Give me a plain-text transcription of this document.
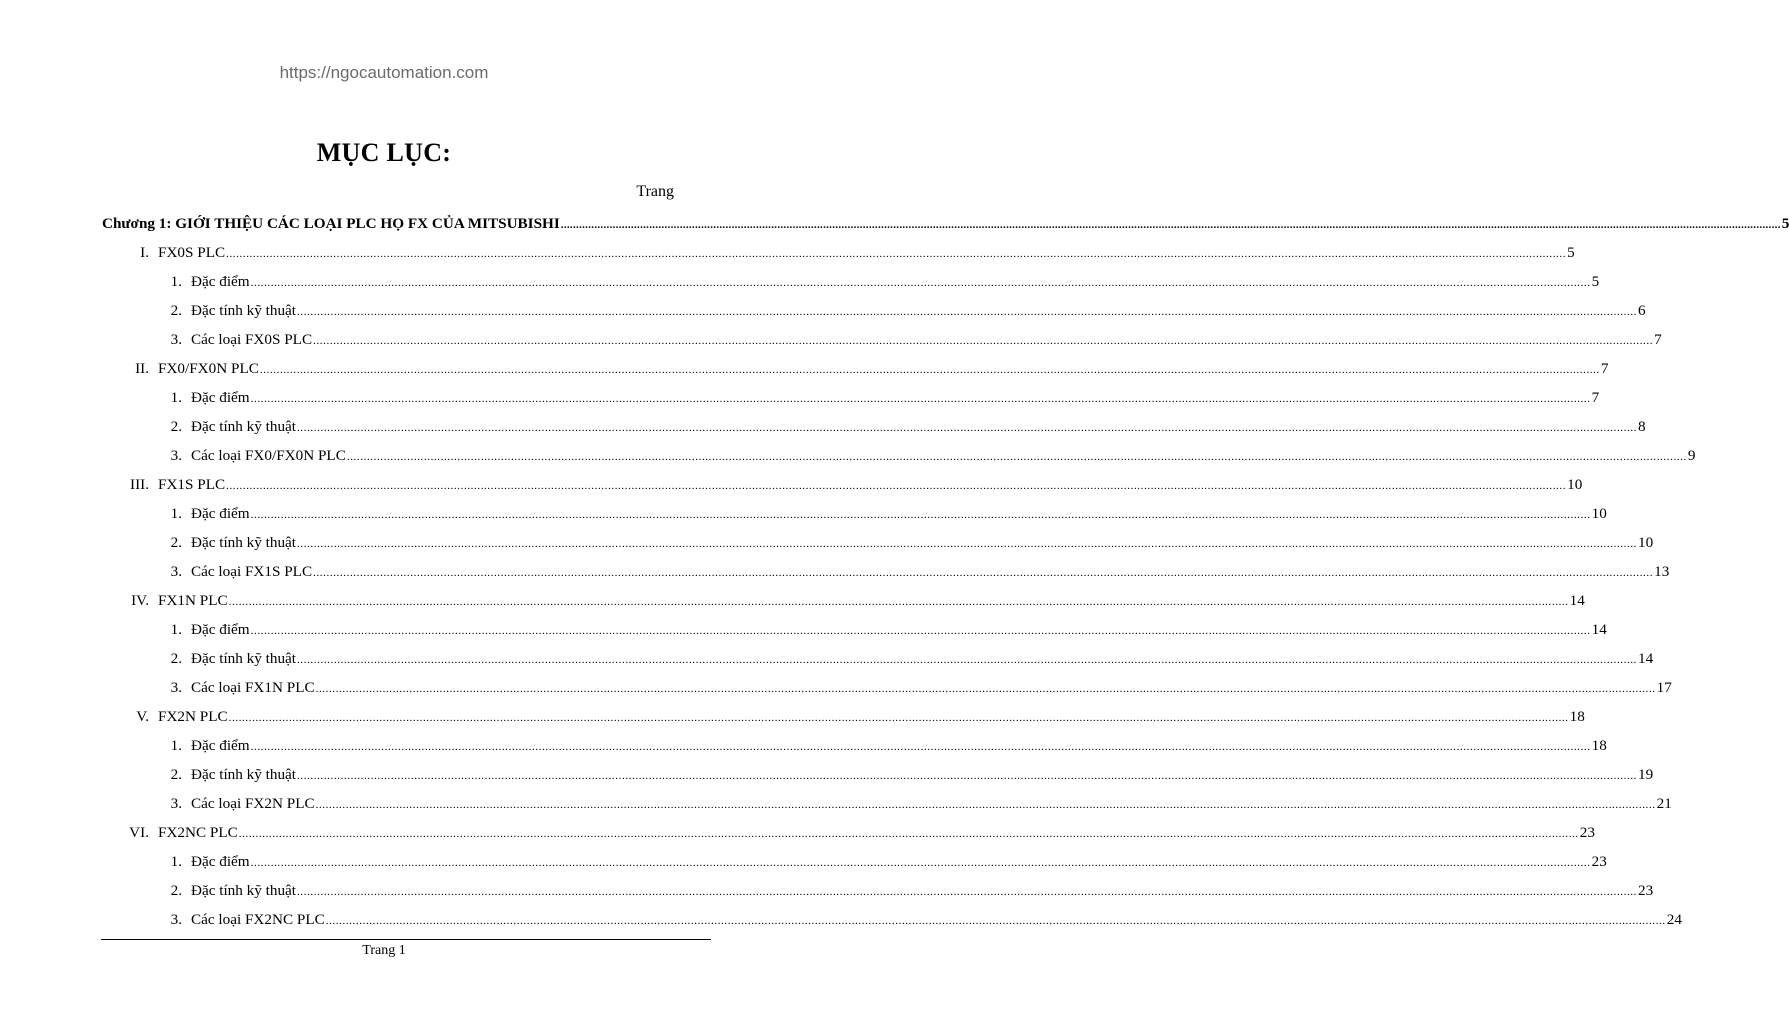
https://ngocautomation.com
MỤC LỤC:
Trang
Chương 1: GIỚI THIỆU CÁC LOẠI PLC HỌ FX CỦA MITSUBISHI ................................................................................................................................................................................................................................................................................................................................................................................................................ 5
I. FX0S PLC ................................................................................................................................................................................................................................................................................................................................................................................................................ 5
1. Đặc điểm ................................................................................................................................................................................................................................................................................................................................................................................................................ 5
2. Đặc tính kỹ thuật ................................................................................................................................................................................................................................................................................................................................................................................................................ 6
3. Các loại FX0S PLC ................................................................................................................................................................................................................................................................................................................................................................................................................ 7
II. FX0/FX0N PLC ................................................................................................................................................................................................................................................................................................................................................................................................................ 7
1. Đặc điểm ................................................................................................................................................................................................................................................................................................................................................................................................................ 7
2. Đặc tính kỹ thuật ................................................................................................................................................................................................................................................................................................................................................................................................................ 8
3. Các loại FX0/FX0N PLC ................................................................................................................................................................................................................................................................................................................................................................................................................ 9
III. FX1S PLC ................................................................................................................................................................................................................................................................................................................................................................................................................ 10
1. Đặc điểm ................................................................................................................................................................................................................................................................................................................................................................................................................ 10
2. Đặc tính kỹ thuật ................................................................................................................................................................................................................................................................................................................................................................................................................ 10
3. Các loại FX1S PLC ................................................................................................................................................................................................................................................................................................................................................................................................................ 13
IV. FX1N PLC ................................................................................................................................................................................................................................................................................................................................................................................................................ 14
1. Đặc điểm ................................................................................................................................................................................................................................................................................................................................................................................................................ 14
2. Đặc tính kỹ thuật ................................................................................................................................................................................................................................................................................................................................................................................................................ 14
3. Các loại FX1N PLC ................................................................................................................................................................................................................................................................................................................................................................................................................ 17
V. FX2N PLC ................................................................................................................................................................................................................................................................................................................................................................................................................ 18
1. Đặc điểm ................................................................................................................................................................................................................................................................................................................................................................................................................ 18
2. Đặc tính kỹ thuật ................................................................................................................................................................................................................................................................................................................................................................................................................ 19
3. Các loại FX2N PLC ................................................................................................................................................................................................................................................................................................................................................................................................................ 21
VI. FX2NC PLC ................................................................................................................................................................................................................................................................................................................................................................................................................ 23
1. Đặc điểm ................................................................................................................................................................................................................................................................................................................................................................................................................ 23
2. Đặc tính kỹ thuật ................................................................................................................................................................................................................................................................................................................................................................................................................ 23
3. Các loại FX2NC PLC ................................................................................................................................................................................................................................................................................................................................................................................................................ 24
Trang 1
